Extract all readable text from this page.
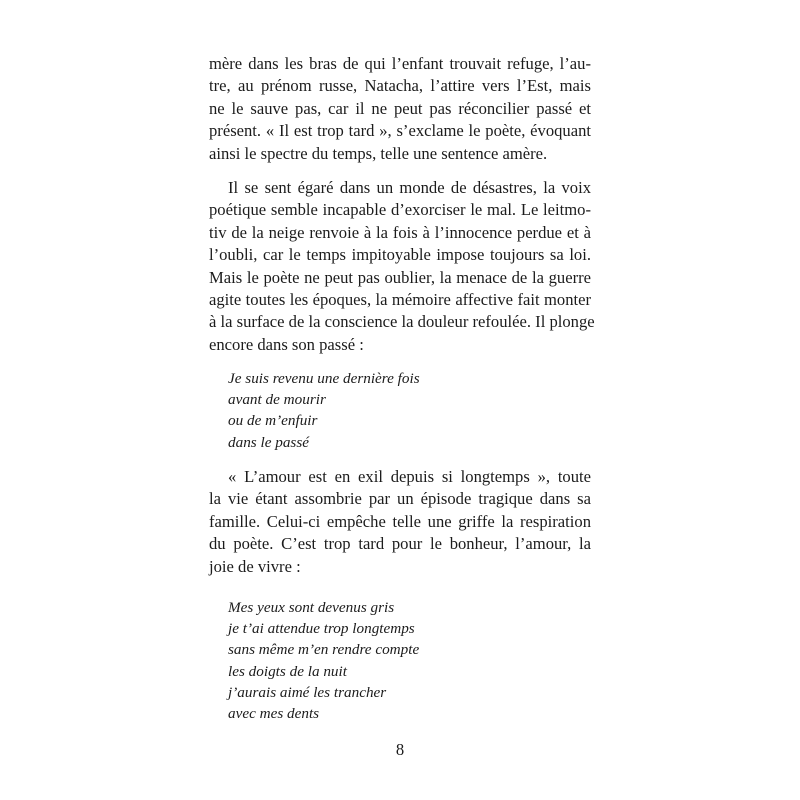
mère dans les bras de qui l’enfant trouvait refuge, l’au-
tre, au prénom russe, Natacha, l’attire vers l’Est, mais
ne le sauve pas, car il ne peut pas réconcilier passé et
présent. « Il est trop tard », s’exclame le poète, évoquant
ainsi le spectre du temps, telle une sentence amère.
Il se sent égaré dans un monde de désastres, la voix
poétique semble incapable d’exorciser le mal. Le leitmo-
tiv de la neige renvoie à la fois à l’innocence perdue et à
l’oubli, car le temps impitoyable impose toujours sa loi.
Mais le poète ne peut pas oublier, la menace de la guerre
agite toutes les époques, la mémoire affective fait monter
à la surface de la conscience la douleur refoulée. Il plonge
encore dans son passé :
Je suis revenu une dernière fois
avant de mourir
ou de m’enfuir
dans le passé
« L’amour est en exil depuis si longtemps », toute
la vie étant assombrie par un épisode tragique dans sa
famille. Celui-ci empêche telle une griffe la respiration
du poète. C’est trop tard pour le bonheur, l’amour, la
joie de vivre :
Mes yeux sont devenus gris
je t’ai attendue trop longtemps
sans même m’en rendre compte
les doigts de la nuit
j’aurais aimé les trancher
avec mes dents
8
